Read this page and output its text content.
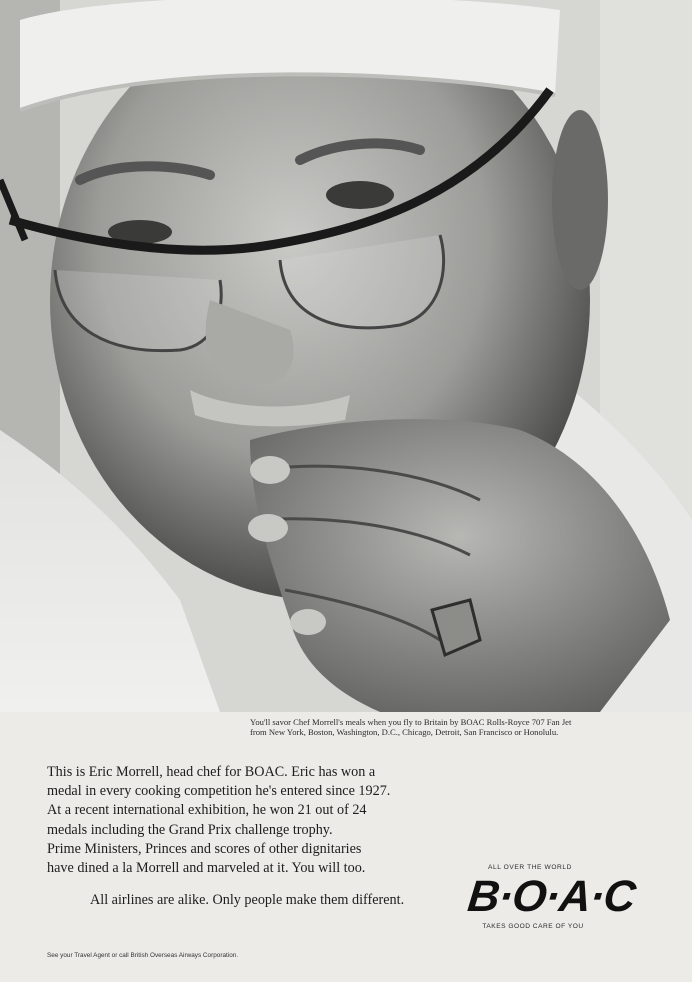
You'll savor Chef Morrell's meals when you fly to Britain by BOAC Rolls-Royce 707 Fan Jet
from New York, Boston, Washington, D.C., Chicago, Detroit, San Francisco or Honolulu.
This is Eric Morrell, head chef for BOAC. Eric has won a
medal in every cooking competition he's entered since 1927.
At a recent international exhibition, he won 21 out of 24
medals including the Grand Prix challenge trophy.
Prime Ministers, Princes and scores of other dignitaries
have dined a la Morrell and marveled at it. You will too.
All airlines are alike. Only people make them different.
ALL OVER THE WORLD
B·O·A·C
TAKES GOOD CARE OF YOU
See your Travel Agent or call British Overseas Airways Corporation.
